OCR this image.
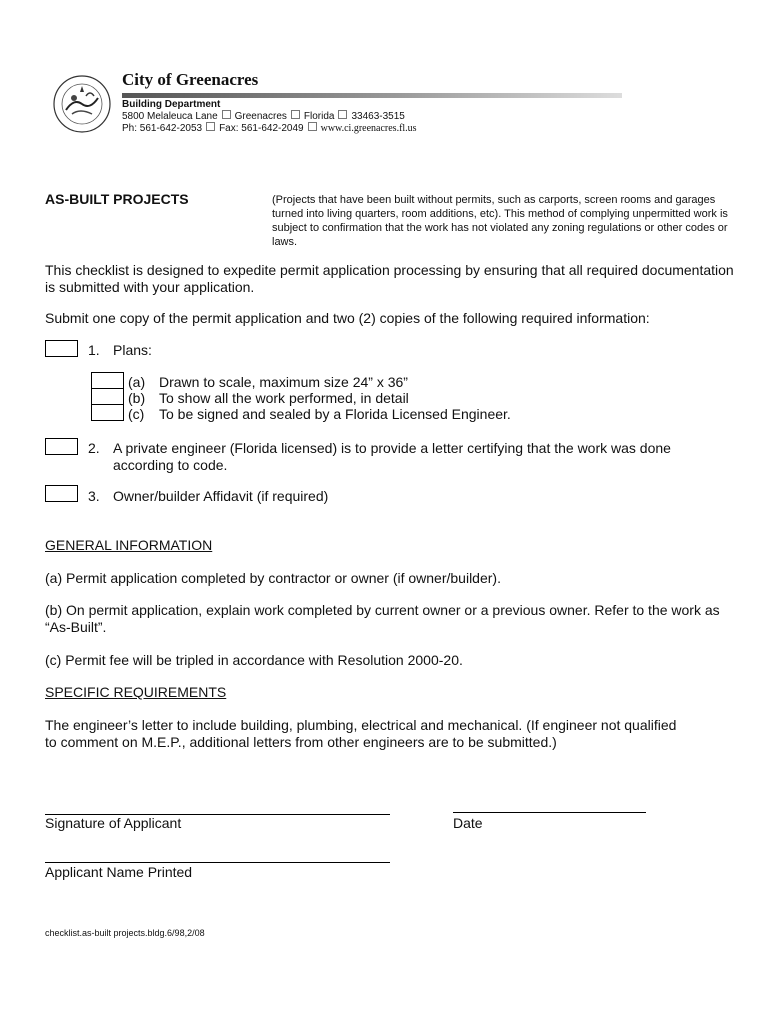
City of Greenacres
Building Department
5800 Melaleuca Lane Greenacres Florida 33463-3515
Ph: 561-642-2053 Fax: 561-642-2049 www.ci.greenacres.fl.us
AS-BUILT PROJECTS	(Projects that have been built without permits, such as carports, screen rooms and garages turned into living quarters, room additions, etc). This method of complying unpermitted work is subject to confirmation that the work has not violated any zoning regulations or other codes or laws.
This checklist is designed to expedite permit application processing by ensuring that all required documentation is submitted with your application.
Submit one copy of the permit application and two (2) copies of the following required information:
1. Plans:
(a) Drawn to scale, maximum size 24” x 36”
(b) To show all the work performed, in detail
(c) To be signed and sealed by a Florida Licensed Engineer.
2. A private engineer (Florida licensed) is to provide a letter certifying that the work was done according to code.
3. Owner/builder Affidavit (if required)
GENERAL INFORMATION
(a) Permit application completed by contractor or owner (if owner/builder).
(b) On permit application, explain work completed by current owner or a previous owner. Refer to the work as “As-Built”.
(c) Permit fee will be tripled in accordance with Resolution 2000-20.
SPECIFIC REQUIREMENTS
The engineer’s letter to include building, plumbing, electrical and mechanical. (If engineer not qualified to comment on M.E.P., additional letters from other engineers are to be submitted.)
Signature of Applicant	Date
Applicant Name Printed
checklist.as-built projects.bldg.6/98,2/08
